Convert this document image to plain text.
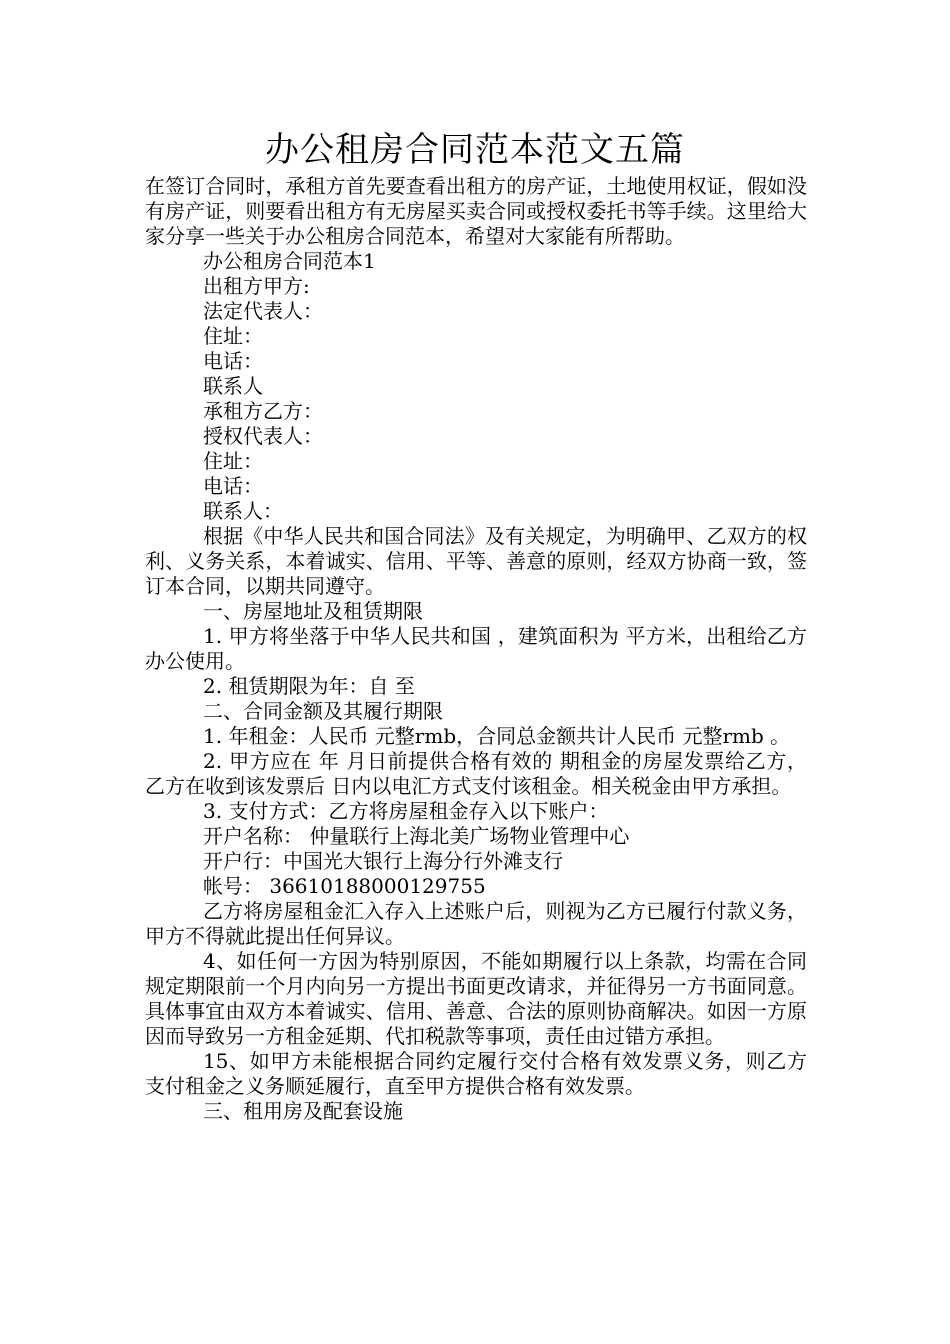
办公租房合同范本范文五篇

在签订合同时，承租方首先要查看出租方的房产证，土地使用权证，假如没有房产证，则要看出租方有无房屋买卖合同或授权委托书等手续。这里给大家分享一些关于办公租房合同范本，希望对大家能有所帮助。

办公租房合同范本1

出租方甲方:

法定代表人：

住址：

电话：

联系人

承租方乙方：

授权代表人：

住址：

电话：

联系人：

根据《中华人民共和国合同法》及有关规定，为明确甲、乙双方的权利、义务关系，本着诚实、信用、平等、善意的原则，经双方协商一致，签订本合同，以期共同遵守。

一、房屋地址及租赁期限

1. 甲方将坐落于中华人民共和国 ，建筑面积为 平方米，出租给乙方办公使用。

2. 租赁期限为年：自 至

二、合同金额及其履行期限

1. 年租金：人民币 元整rmb，合同总金额共计人民币 元整rmb 。

2. 甲方应在 年 月日前提供合格有效的 期租金的房屋发票给乙方，乙方在收到该发票后 日内以电汇方式支付该租金。相关税金由甲方承担。

3. 支付方式：乙方将房屋租金存入以下账户：

开户名称： 仲量联行上海北美广场物业管理中心

开户行：中国光大银行上海分行外滩支行

帐号： 36610188000129755

乙方将房屋租金汇入存入上述账户后，则视为乙方已履行付款义务，甲方不得就此提出任何异议。

4、如任何一方因为特别原因，不能如期履行以上条款，均需在合同规定期限前一个月内向另一方提出书面更改请求，并征得另一方书面同意。具体事宜由双方本着诚实、信用、善意、合法的原则协商解决。如因一方原因而导致另一方租金延期、代扣税款等事项，责任由过错方承担。

15、如甲方未能根据合同约定履行交付合格有效发票义务，则乙方支付租金之义务顺延履行，直至甲方提供合格有效发票。

三、租用房及配套设施
